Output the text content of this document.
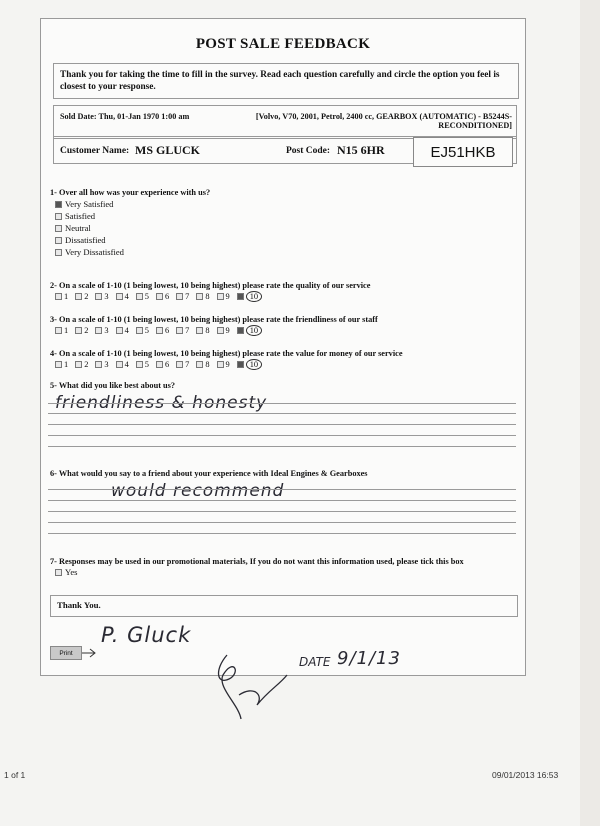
POST SALE FEEDBACK
Thank you for taking the time to fill in the survey. Read each question carefully and circle the option you feel is closest to your response.
Sold Date: Thu, 01-Jan 1970 1:00 am	[Volvo, V70, 2001, Petrol, 2400 cc, GEARBOX (AUTOMATIC) - B5244S-
RECONDITIONED]
Customer Name: MS GLUCK	Post Code: N15 6HR	EJ51HKB
1- Over all how was your experience with us?
Very Satisfied
Satisfied
Neutral
Dissatisfied
Very Dissatisfied
2- On a scale of 1-10 (1 being lowest, 10 being highest) please rate the quality of our service
1 2 3 4 5 6 7 8 9	10
3- On a scale of 1-10 (1 being lowest, 10 being highest) please rate the friendliness of our staff
1 2 3 4 5 6 7 8 9	10
4- On a scale of 1-10 (1 being lowest, 10 being highest) please rate the value for money of our service
1 2 3 4 5 6 7 8 9	10
5- What did you like best about us?
friendliness & honesty
6- What would you say to a friend about your experience with Ideal Engines & Gearboxes
would recommend
7- Responses may be used in our promotional materials, If you do not want this information used, please tick this box
Yes
Thank You.
Print
P. Gluck
DATE 9/1/13
1 of 1	09/01/2013 16:53
